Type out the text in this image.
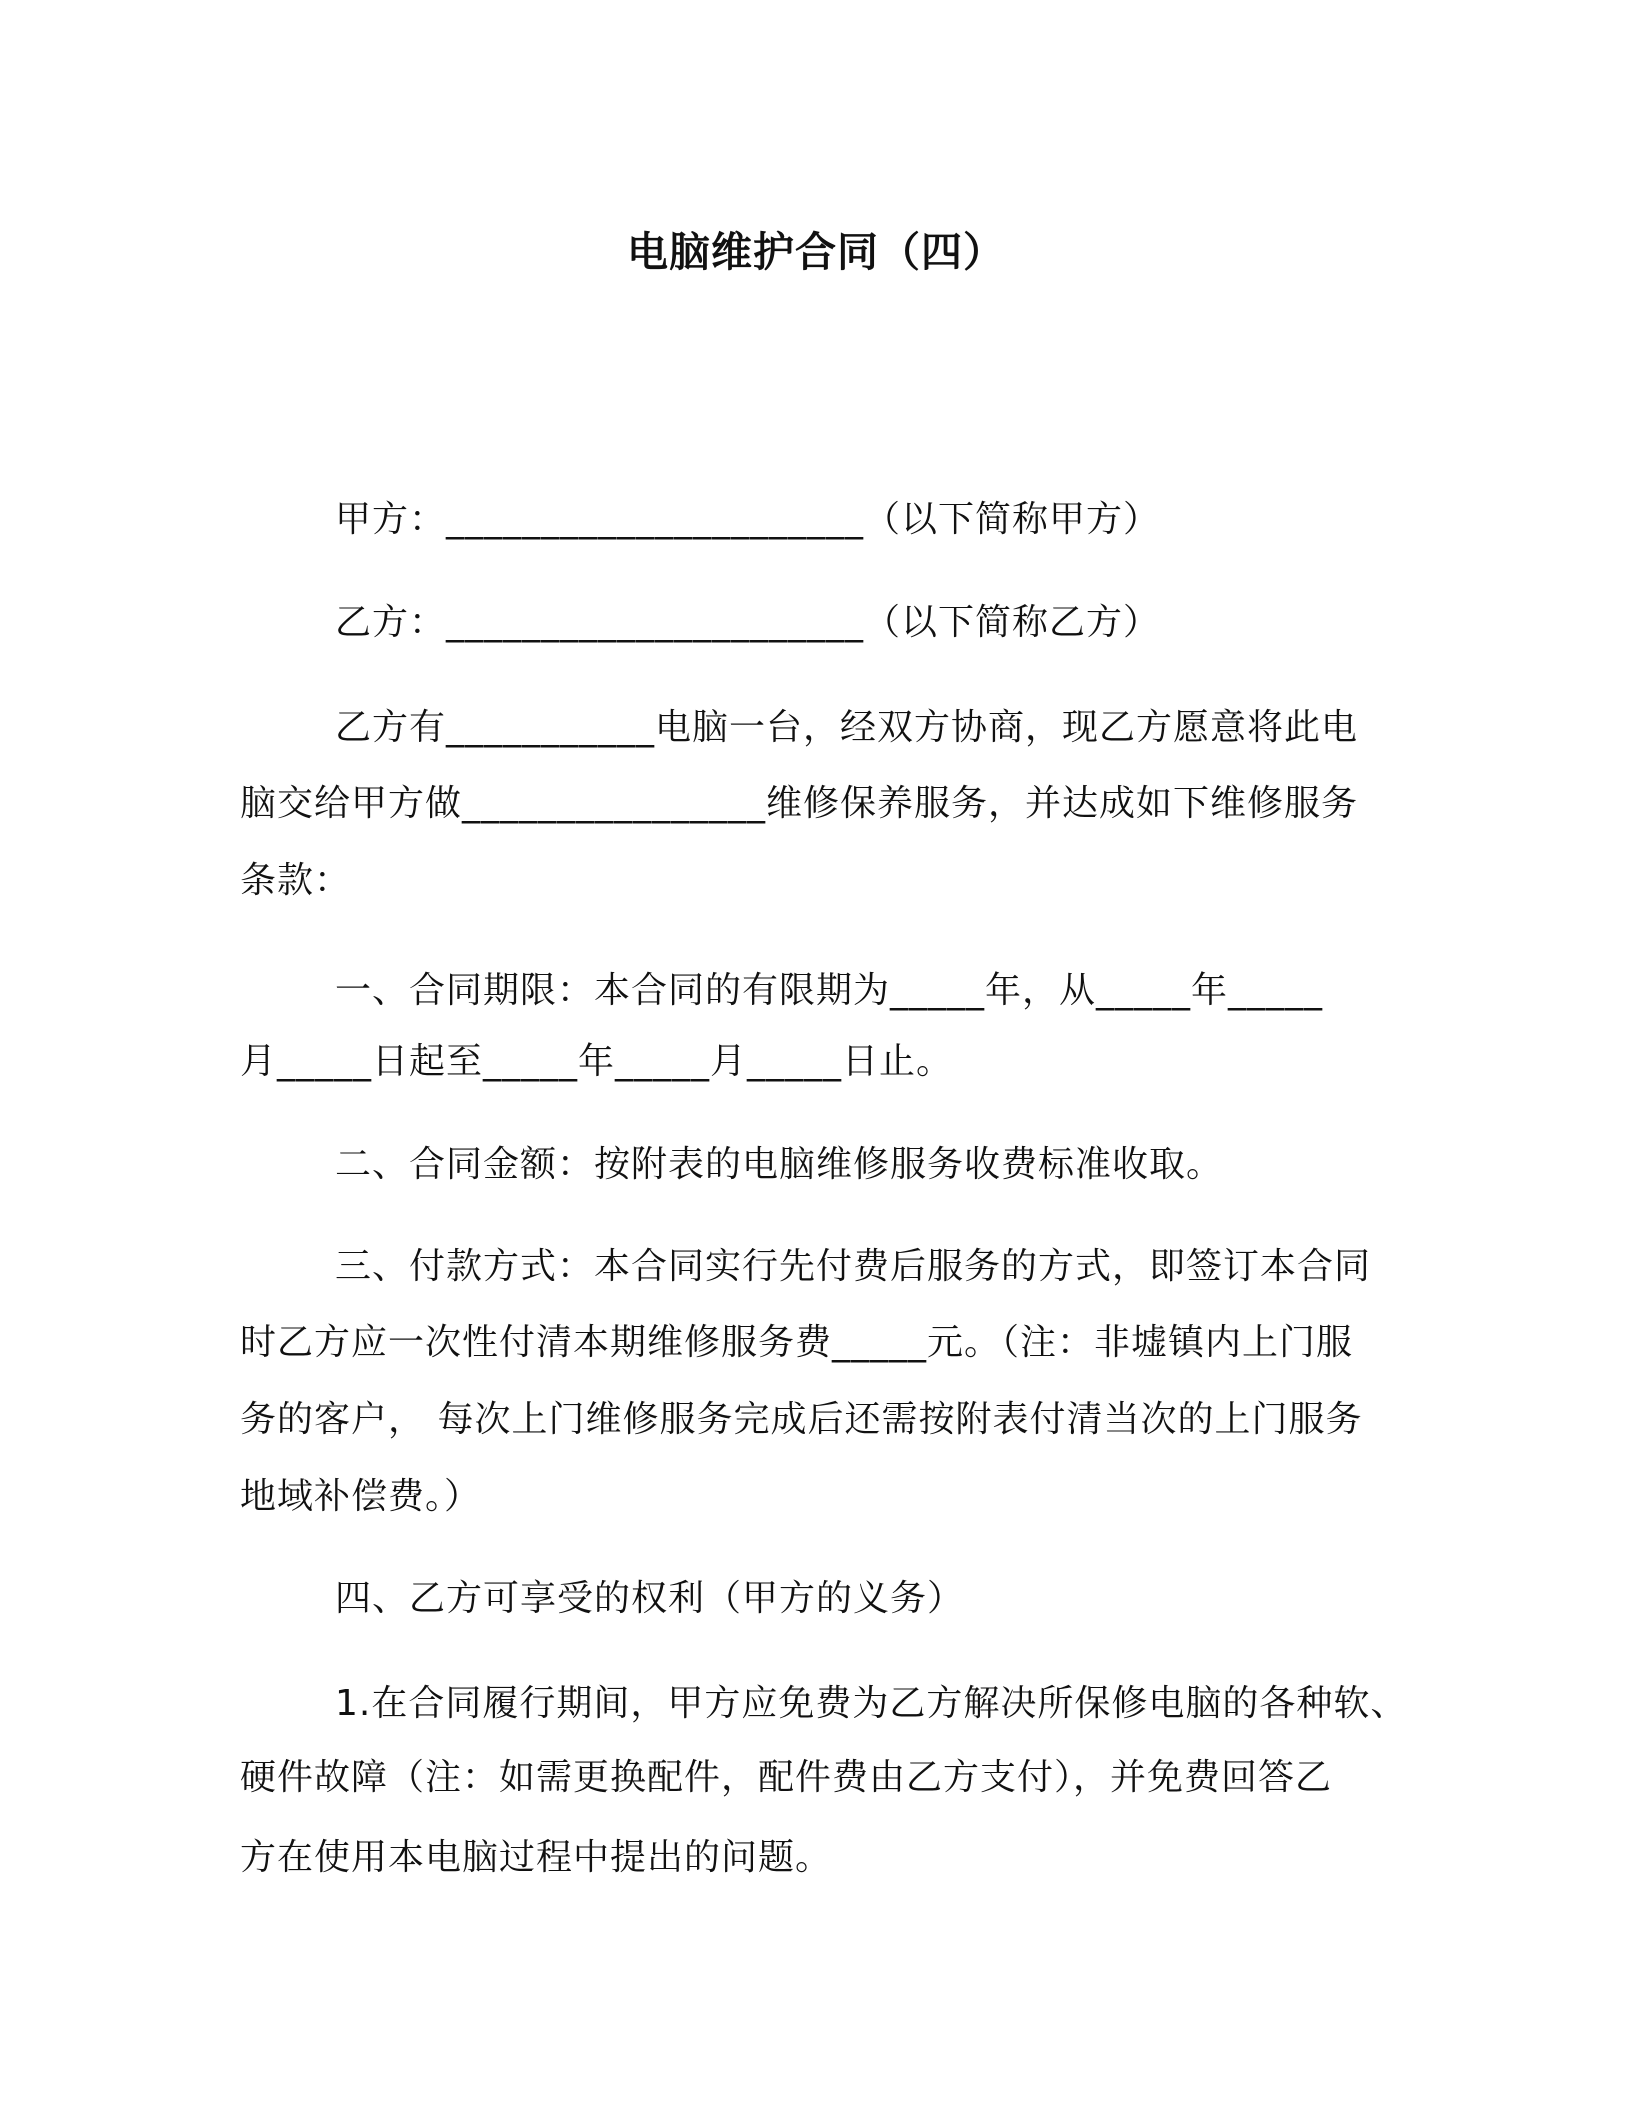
电脑维护合同（四）
甲方：______________________（以下简称甲方）
乙方：______________________（以下简称乙方）
乙方有___________电脑一台，经双方协商，现乙方愿意将此电
脑交给甲方做________________维修保养服务，并达成如下维修服务
条款：
一、合同期限：本合同的有限期为_____年，从_____年_____
月_____日起至_____年_____月_____日止。
二、合同金额：按附表的电脑维修服务收费标准收取。
三、付款方式：本合同实行先付费后服务的方式，即签订本合同
时乙方应一次性付清本期维修服务费_____元。（注：非墟镇内上门服
务的客户， 每次上门维修服务完成后还需按附表付清当次的上门服务
地域补偿费。）
四、乙方可享受的权利（甲方的义务）
1.在合同履行期间，甲方应免费为乙方解决所保修电脑的各种软、
硬件故障（注：如需更换配件，配件费由乙方支付），并免费回答乙
方在使用本电脑过程中提出的问题。
